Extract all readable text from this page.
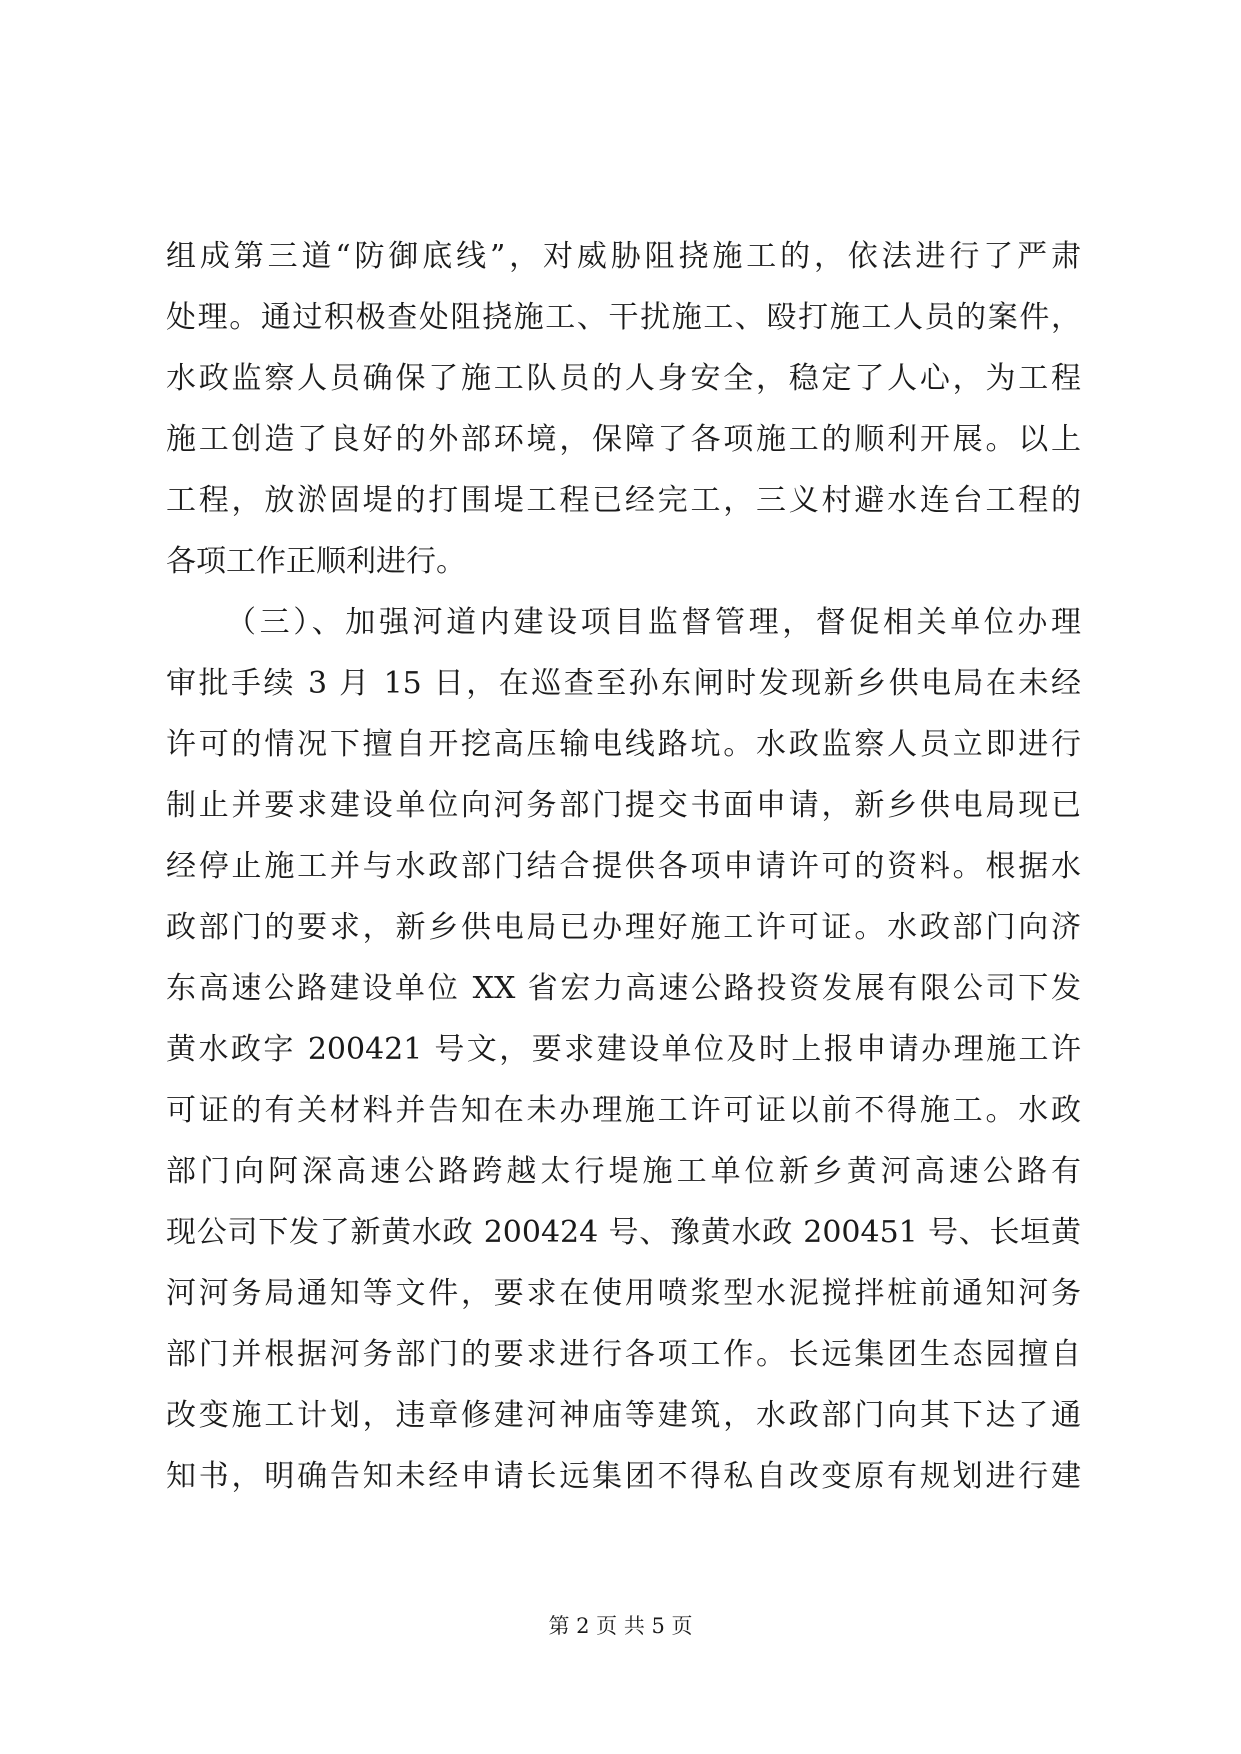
组成第三道“防御底线”，对威胁阻挠施工的，依法进行了严肃
处理。通过积极查处阻挠施工、干扰施工、殴打施工人员的案件，
水政监察人员确保了施工队员的人身安全，稳定了人心，为工程
施工创造了良好的外部环境，保障了各项施工的顺利开展。以上
工程，放淤固堤的打围堤工程已经完工，三义村避水连台工程的
各项工作正顺利进行。
（三）、加强河道内建设项目监督管理，督促相关单位办理
审批手续 3 月 15 日，在巡查至孙东闸时发现新乡供电局在未经
许可的情况下擅自开挖高压输电线路坑。水政监察人员立即进行
制止并要求建设单位向河务部门提交书面申请，新乡供电局现已
经停止施工并与水政部门结合提供各项申请许可的资料。根据水
政部门的要求，新乡供电局已办理好施工许可证。水政部门向济
东高速公路建设单位 XX 省宏力高速公路投资发展有限公司下发
黄水政字 200421 号文，要求建设单位及时上报申请办理施工许
可证的有关材料并告知在未办理施工许可证以前不得施工。水政
部门向阿深高速公路跨越太行堤施工单位新乡黄河高速公路有
现公司下发了新黄水政 200424 号、豫黄水政 200451 号、长垣黄
河河务局通知等文件，要求在使用喷浆型水泥搅拌桩前通知河务
部门并根据河务部门的要求进行各项工作。长远集团生态园擅自
改变施工计划，违章修建河神庙等建筑，水政部门向其下达了通
知书，明确告知未经申请长远集团不得私自改变原有规划进行建
第 2 页 共 5 页
